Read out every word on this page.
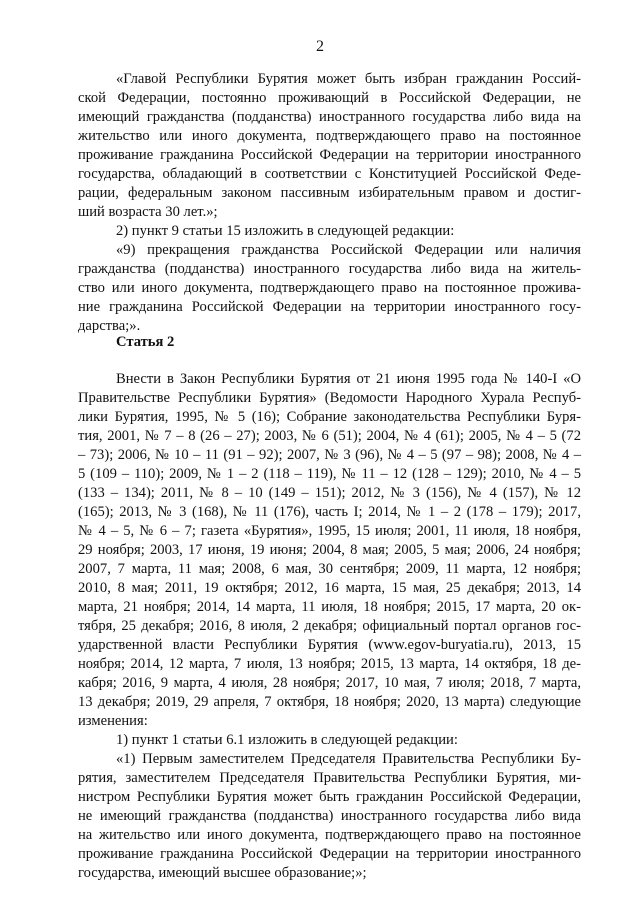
2
«Главой Республики Бурятия может быть избран гражданин Россий-
ской Федерации, постоянно проживающий в Российской Федерации, не
имеющий гражданства (подданства) иностранного государства либо вида на
жительство или иного документа, подтверждающего право на постоянное
проживание гражданина Российской Федерации на территории иностранного
государства, обладающий в соответствии с Конституцией Российской Феде-
рации, федеральным законом пассивным избирательным правом и достиг-
ший возраста 30 лет.»;
2) пункт 9 статьи 15 изложить в следующей редакции:
«9) прекращения гражданства Российской Федерации или наличия
гражданства (подданства) иностранного государства либо вида на житель-
ство или иного документа, подтверждающего право на постоянное прожива-
ние гражданина Российской Федерации на территории иностранного госу-
дарства;».
Внести в Закон Республики Бурятия от 21 июня 1995 года № 140-I «О
Правительстве Республики Бурятия» (Ведомости Народного Хурала Респуб-
лики Бурятия, 1995, № 5 (16); Собрание законодательства Республики Буря-
тия, 2001, № 7 – 8 (26 – 27); 2003, № 6 (51); 2004, № 4 (61); 2005, № 4 – 5 (72
– 73); 2006, № 10 – 11 (91 – 92); 2007, № 3 (96), № 4 – 5 (97 – 98); 2008, № 4 –
5 (109 – 110); 2009, № 1 – 2 (118 – 119), № 11 – 12 (128 – 129); 2010, № 4 – 5
(133 – 134); 2011, № 8 – 10 (149 – 151); 2012, № 3 (156), № 4 (157), № 12
(165); 2013, № 3 (168), № 11 (176), часть I; 2014, № 1 – 2 (178 – 179); 2017,
№ 4 – 5, № 6 – 7; газета «Бурятия», 1995, 15 июля; 2001, 11 июля, 18 ноября,
29 ноября; 2003, 17 июня, 19 июня; 2004, 8 мая; 2005, 5 мая; 2006, 24 ноября;
2007, 7 марта, 11 мая; 2008, 6 мая, 30 сентября; 2009, 11 марта, 12 ноября;
2010, 8 мая; 2011, 19 октября; 2012, 16 марта, 15 мая, 25 декабря; 2013, 14
марта, 21 ноября; 2014, 14 марта, 11 июля, 18 ноября; 2015, 17 марта, 20 ок-
тября, 25 декабря; 2016, 8 июля, 2 декабря; официальный портал органов гос-
ударственной власти Республики Бурятия (www.egov-buryatia.ru), 2013, 15
ноября; 2014, 12 марта, 7 июля, 13 ноября; 2015, 13 марта, 14 октября, 18 де-
кабря; 2016, 9 марта, 4 июля, 28 ноября; 2017, 10 мая, 7 июля; 2018, 7 марта,
13 декабря; 2019, 29 апреля, 7 октября, 18 ноября; 2020, 13 марта) следующие
изменения:
1) пункт 1 статьи 6.1 изложить в следующей редакции:
«1) Первым заместителем Председателя Правительства Республики Бу-
рятия, заместителем Председателя Правительства Республики Бурятия, ми-
нистром Республики Бурятия может быть гражданин Российской Федерации,
не имеющий гражданства (подданства) иностранного государства либо вида
на жительство или иного документа, подтверждающего право на постоянное
проживание гражданина Российской Федерации на территории иностранного
государства, имеющий высшее образование;»;
Статья 2
